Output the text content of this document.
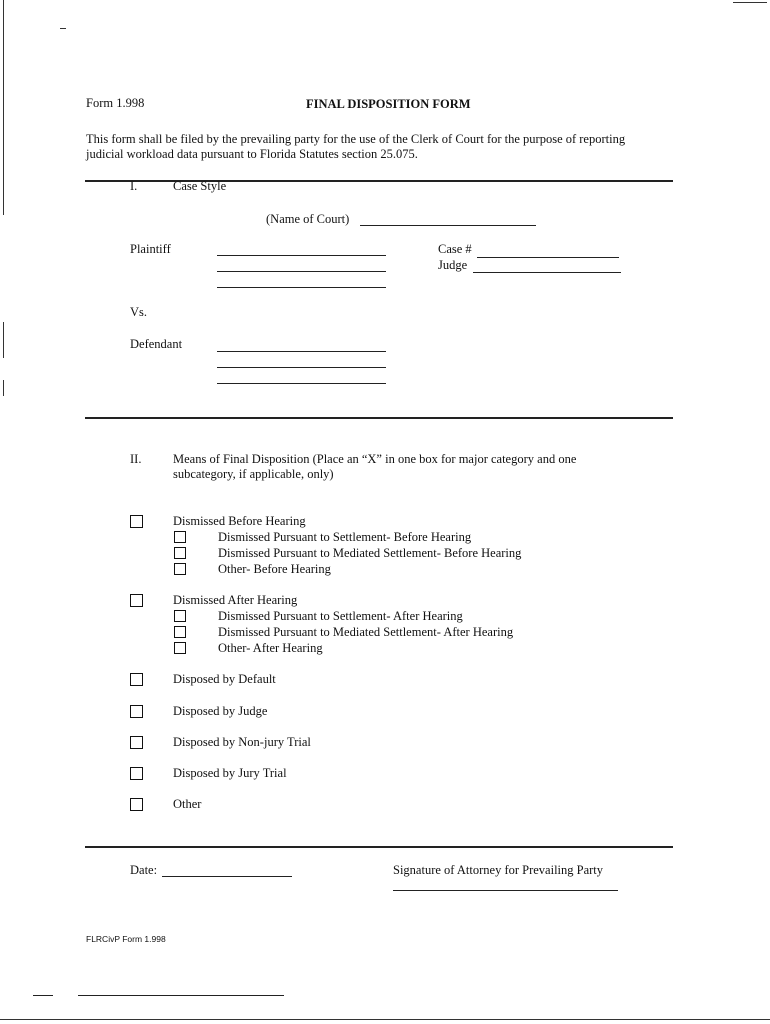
Form 1.998	FINAL DISPOSITION FORM
This form shall be filed by the prevailing party for the use of the Clerk of Court for the purpose of reporting
judicial workload data pursuant to Florida Statutes section 25.075.
I.	Case Style
(Name of Court)
Plaintiff	Case #
Judge
Vs.
Defendant
II.	Means of Final Disposition (Place an “X” in one box for major category and one
subcategory, if applicable, only)
Dismissed Before Hearing
Dismissed Pursuant to Settlement- Before Hearing
Dismissed Pursuant to Mediated Settlement- Before Hearing
Other- Before Hearing
Dismissed After Hearing
Dismissed Pursuant to Settlement- After Hearing
Dismissed Pursuant to Mediated Settlement- After Hearing
Other- After Hearing
Disposed by Default
Disposed by Judge
Disposed by Non-jury Trial
Disposed by Jury Trial
Other
Date:	Signature of Attorney for Prevailing Party
FLRCivP Form 1.998
